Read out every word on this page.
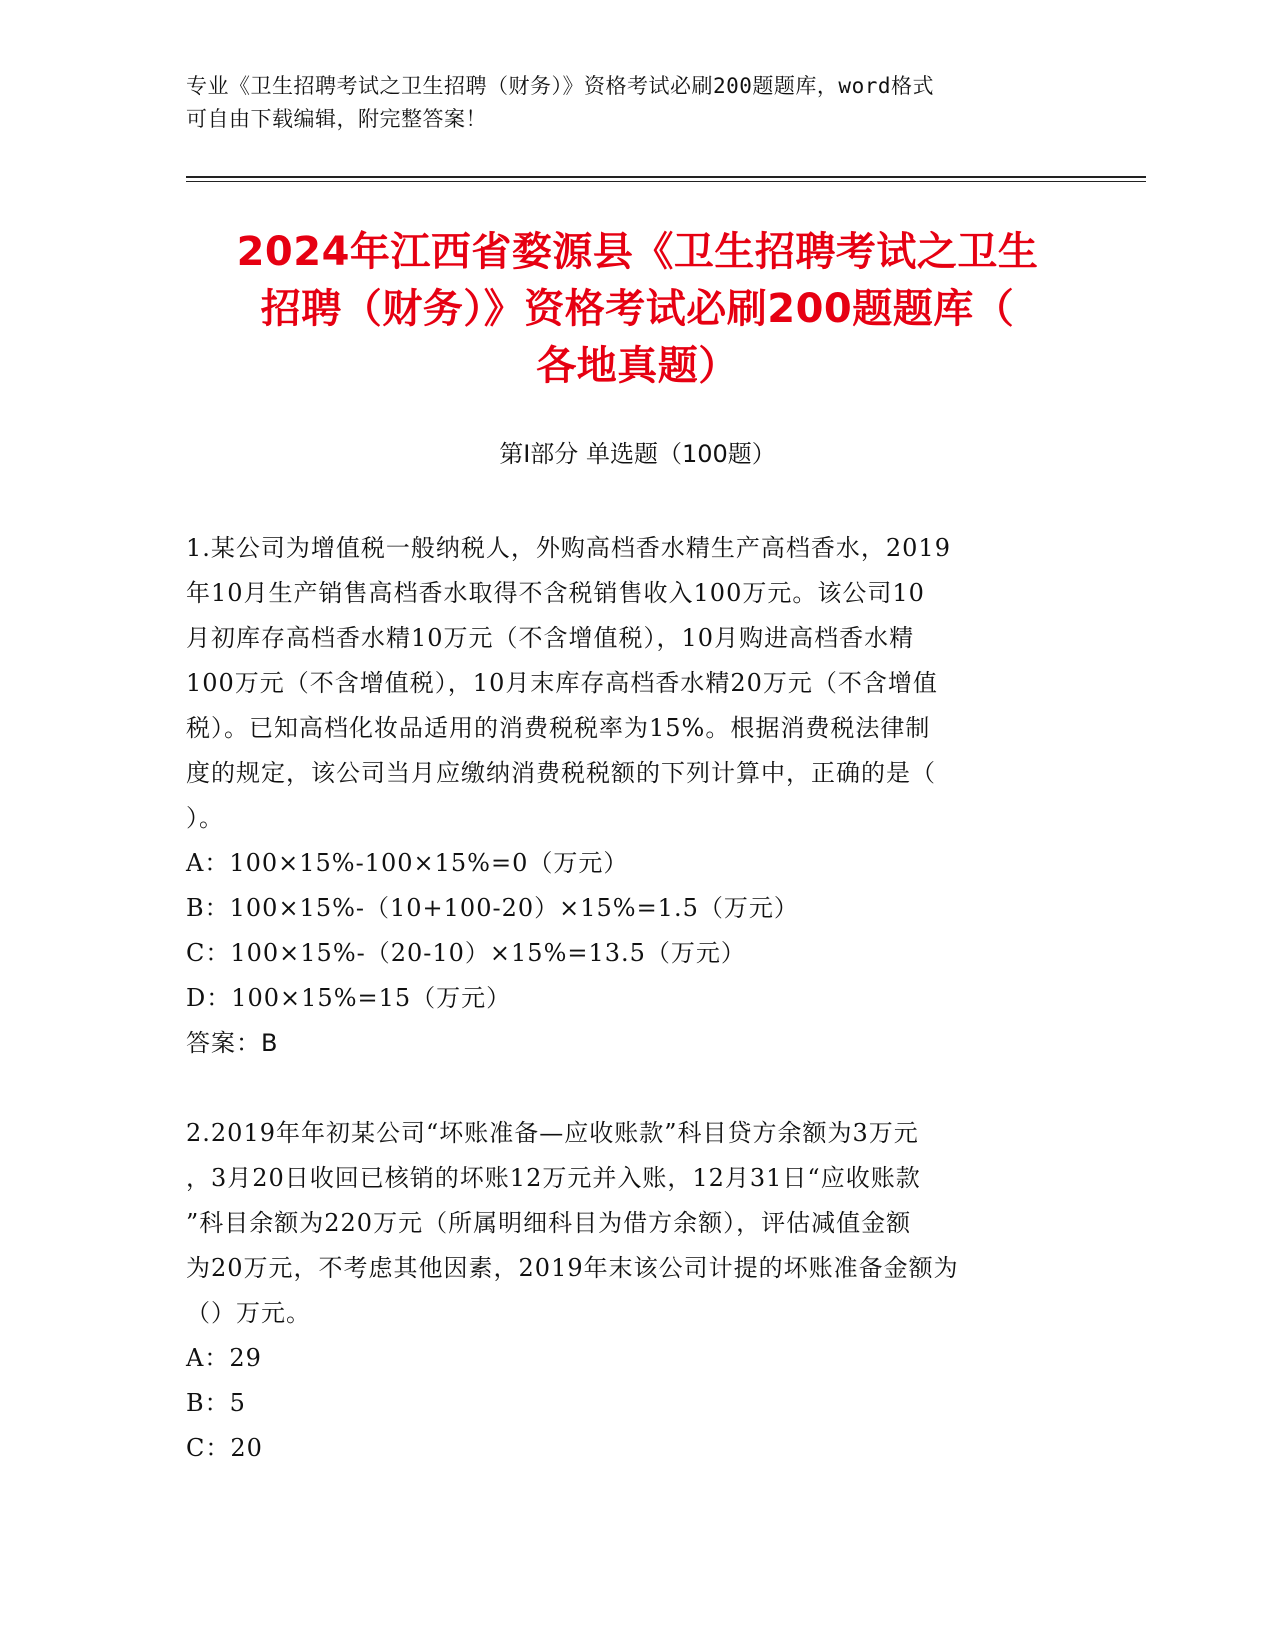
专业《卫生招聘考试之卫生招聘（财务）》资格考试必刷200题题库，word格式
可自由下载编辑，附完整答案！
2024年江西省婺源县《卫生招聘考试之卫生
招聘（财务）》资格考试必刷200题题库（
各地真题）
第Ⅰ部分 单选题（100题）

1.某公司为增值税一般纳税人，外购高档香水精生产高档香水，2019

年10月生产销售高档香水取得不含税销售收入100万元。该公司10

月初库存高档香水精10万元（不含增值税），10月购进高档香水精

100万元（不含增值税），10月末库存高档香水精20万元（不含增值

税）。已知高档化妆品适用的消费税税率为15%。根据消费税法律制

度的规定，该公司当月应缴纳消费税税额的下列计算中，正确的是（

）。

A：100×15%-100×15%=0（万元）

B：100×15%-（10+100-20）×15%=1.5（万元）

C：100×15%-（20-10）×15%=13.5（万元）

D：100×15%=15（万元）

答案：B

2.2019年年初某公司“坏账准备—应收账款”科目贷方余额为3万元

，3月20日收回已核销的坏账12万元并入账，12月31日“应收账款

”科目余额为220万元（所属明细科目为借方余额），评估减值金额

为20万元，不考虑其他因素，2019年末该公司计提的坏账准备金额为

（）万元。

A：29

B：5

C：20
